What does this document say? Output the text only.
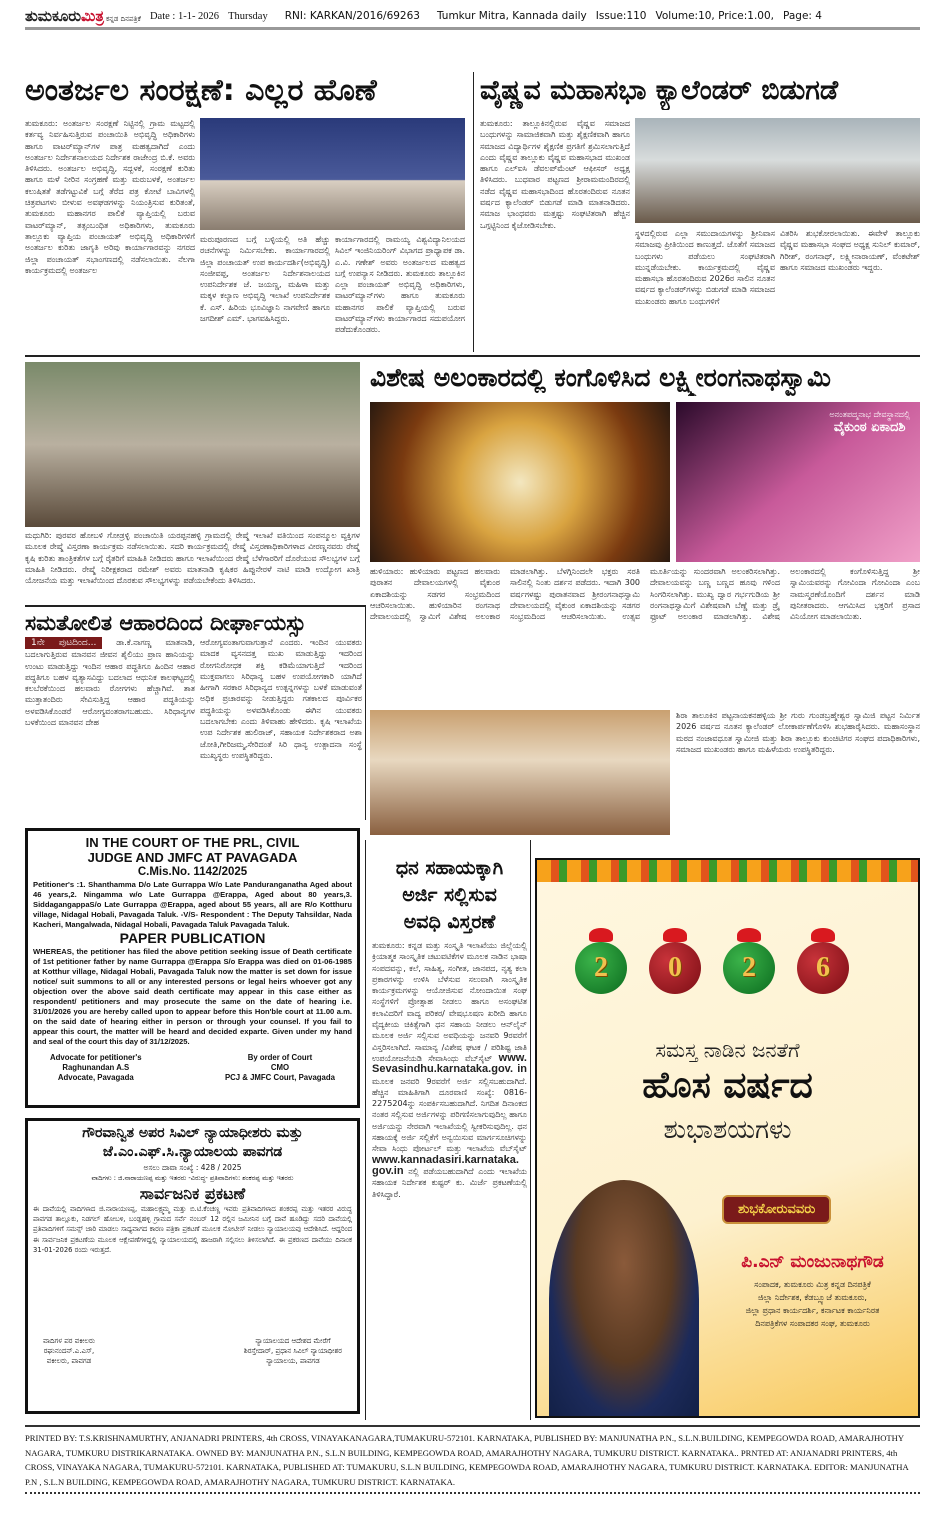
ತುಮಕೂರುಮಿತ್ರ ಕನ್ನಡ ದಿನಪತ್ರಿಕೆ Date : 1-1- 2026 Thursday RNI: KARKAN/2016/69263 Tumkur Mitra, Kannada daily Issue:110 Volume:10, Price:1.00, Page: 4
ಅಂತರ್ಜಲ ಸಂರಕ್ಷಣೆ: ಎಲ್ಲರ ಹೊಣೆ
ತುಮಕೂರು: ಅಂತರ್ಜಲ ಸಂರಕ್ಷಣೆ ನಿಟ್ಟಿನಲ್ಲಿ ಗ್ರಾಮ ಮಟ್ಟದಲ್ಲಿ ಕರ್ತವ್ಯ ನಿರ್ವಹಿಸುತ್ತಿರುವ ಪಂಚಾಯಿತಿ ಅಭಿವೃದ್ಧಿ ಅಧಿಕಾರಿಗಳು ಹಾಗೂ ವಾಟರ್‌ಮ್ಯಾನ್‌ಗಳ ಪಾತ್ರ ಮಹತ್ವದಾಗಿದೆ ಎಂದು ಅಂತರ್ಜಲ ನಿರ್ದೇಶನಾಲಯದ ನಿರ್ದೇಶಕ ರಾಜೇಂದ್ರ ಬಿ.ಕೆ. ಅವರು ತಿಳಿಸಿದರು. ಅಂತರ್ಜಲ ಅಭಿವೃದ್ಧಿ, ಸದ್ಬಳಕೆ, ಸಂರಕ್ಷಣೆ ಕುರಿತು ಹಾಗೂ ಮಳೆ ನೀರಿನ ಸಂಗ್ರಹಣೆ ಮತ್ತು ಮರುಬಳಕೆ, ಅಂತರ್ಜಲ ಕಲುಷಿತತೆ ತಡೆಗಟ್ಟುವಿಕೆ ಬಗ್ಗೆ ತೆರೆದ ಪತ್ರ ಕೋಟೆ ಬಾವಿಗಳಲ್ಲಿ ಚಿತ್ರಪಟಗಳು ಬೀಳುವ ಅವಘಡಗಳನ್ನು ನಿಯಂತ್ರಿಸುವ ಕುರಿತಂತೆ, ತುಮಕೂರು ಮಹಾನಗರ ಪಾಲಿಕೆ ವ್ಯಾಪ್ತಿಯಲ್ಲಿ ಬರುವ ವಾಟರ್‌ಮ್ಯಾನ್, ತತ್ಸಂಬಂಧಿತ ಅಧಿಕಾರಿಗಳು, ತುಮಕೂರು ತಾಲ್ಲೂಕು ವ್ಯಾಪ್ತಿಯ ಪಂಚಾಯತ್ ಅಭಿವೃದ್ಧಿ ಅಧಿಕಾರಿಗಳಿಗೆ ಅಂತರ್ಜಲ ಕುರಿತು ಜಾಗೃತಿ ಅರಿವು ಕಾರ್ಯಾಗಾರವನ್ನು ನಗರದ ಜಿಲ್ಲಾ ಪಂಚಾಯತ್ ಸಭಾಂಗಣದಲ್ಲಿ ನಡೆಸಲಾಯಿತು. ನೆಲಗಾ ಕಾರ್ಯಕ್ರಮದಲ್ಲಿ ಅಂತರ್ಜಲ
ಮರುಪೂರಣದ ಬಗ್ಗೆ ಬಳ್ಳಿಯಲ್ಲಿ ಅತಿ ಹೆಚ್ಚು ರಚನೆಗಳನ್ನು ನಿರ್ಮಿಸಬೇಕು. ಕಾರ್ಯಾಗಾರದಲ್ಲಿ ಜಿಲ್ಲಾ ಪಂಚಾಯತ್ ಉಪ ಕಾರ್ಯದರ್ಶಿ(ಅಭಿವೃದ್ಧಿ) ಸಂಜೀವಪ್ಪ, ಅಂತರ್ಜಲ ನಿರ್ದೇಶನಾಲಯದ ಉಪನಿರ್ದೇಶಕ ಜೆ. ಜಯಣ್ಣ, ಮಹಿಳಾ ಮತ್ತು ಮಕ್ಕಳ ಕಲ್ಯಾಣ ಅಭಿವೃದ್ಧಿ ಇಲಾಖೆ ಉಪನಿರ್ದೇಶಕ ಕೆ. ಎಸ್. ಹಿರಿಯ ಭೂವಿಜ್ಞಾನಿ ನಾಗವೇಣಿ ಹಾಗೂ ಜಗದೀಶ್ ಎಮ್. ಭಾಗವಹಿಸಿದ್ದರು.
ಕಾರ್ಯಾಗಾರದಲ್ಲಿ ರಾಮಯ್ಯ ವಿಶ್ವವಿದ್ಯಾನಿಲಯದ ಸಿವಿಲ್ ಇಂಜಿನಿಯರಿಂಗ್ ವಿಭಾಗದ ಪ್ರಾಧ್ಯಾಪಕ ಡಾ. ಎ.ವಿ. ಗಣೇಶ್ ಅವರು ಅಂತರ್ಜಲದ ಮಹತ್ವದ ಬಗ್ಗೆ ಉಪನ್ಯಾಸ ನೀಡಿದರು. ತುಮಕೂರು ತಾಲ್ಲೂಕಿನ ಎಲ್ಲಾ ಪಂಚಾಯತ್ ಅಭಿವೃದ್ಧಿ ಅಧಿಕಾರಿಗಳು, ವಾಟರ್‌ಮ್ಯಾನ್‌ಗಳು ಹಾಗೂ ತುಮಕೂರು ಮಹಾನಗರ ಪಾಲಿಕೆ ವ್ಯಾಪ್ತಿಯಲ್ಲಿ ಬರುವ ವಾಟರ್‌ಮ್ಯಾನ್‌ಗಳು ಕಾರ್ಯಾಗಾರದ ಸದುಪಯೋಗ ಪಡೆದುಕೊಂಡರು.
ವೈಷ್ಣವ ಮಹಾಸಭಾ ಕ್ಯಾಲೆಂಡರ್ ಬಿಡುಗಡೆ
ತುಮಕೂರು: ತಾಲ್ಲೂಕಿನಲ್ಲಿರುವ ವೈಷ್ಣವ ಸಮಾಜದ ಬಂಧುಗಳನ್ನು ಸಾಮಾಜಿಕವಾಗಿ ಮತ್ತು ಶೈಕ್ಷಣಿಕವಾಗಿ ಹಾಗೂ ಸಮಾಜದ ವಿದ್ಯಾರ್ಥಿಗಳ ಶೈಕ್ಷಣಿಕ ಪ್ರಗತಿಗೆ ಶ್ರಮಿಸಲಾಗುತ್ತಿದೆ ಎಂದು ವೈಷ್ಣವ ತಾಲ್ಲೂಕು ವೈಷ್ಣವ ಮಹಾಸಭಾದ ಮುಖಂಡ ಹಾಗೂ ಎಲ್‌ಐಸಿ ಡೆವಲಪ್‌ಮೆಂಟ್ ಆಫೀಸರ್ ಅಧ್ಯಕ್ಷ ತಿಳಿಸಿದರು. ಬುಧವಾರ ಪಟ್ಟಣದ ಶ್ರೀರಾಮಮಂದಿರದಲ್ಲಿ ನಡೆದ ವೈಷ್ಣವ ಮಹಾಸಭಾದಿಂದ ಹೊರತಂದಿರುವ ನೂತನ ವರ್ಷದ ಕ್ಯಾಲೆಂಡರ್ ಬಿಡುಗಡೆ ಮಾಡಿ ಮಾತನಾಡಿದರು. ಸಮಾಜ ಭಾಂಧವರು ಮತ್ತಷ್ಟು ಸಂಘಟಿತರಾಗಿ ಹೆಚ್ಚಿನ ಒಗ್ಗಟ್ಟಿನಿಂದ ಕೈಜೋಡಿಸಬೇಕು.
ಸ್ಥಳದಲ್ಲಿರುವ ಎಲ್ಲಾ ಸಮುದಾಯಗಳನ್ನು ಶ್ರೀನಿವಾಸ ಸಮಾಜವು ಪ್ರೀತಿಯಿಂದ ಕಾಣುತ್ತದೆ. ಜೊತೆಗೆ ಸಮಾಜದ ಬಂಧುಗಳು ಪಡೆಯಲು ಸಂಘಟಿತರಾಗಿ ಮುನ್ನಡೆಯಬೇಕು. ಕಾರ್ಯಕ್ರಮದಲ್ಲಿ ವೈಷ್ಣವ ಮಹಾಸಭಾ ಹೊರತಂದಿರುವ 2026ರ ಸಾಲಿನ ನೂತನ ವರ್ಷದ ಕ್ಯಾಲೆಂಡರ್‌ಗಳನ್ನು ಬಿಡುಗಡೆ ಮಾಡಿ ಸಮಾಜದ ಮುಖಂಡರು ಹಾಗೂ ಬಂಧುಗಳಿಗೆ
ವಿತರಿಸಿ ಶುಭಕೋರಲಾಯಿತು. ಈವೇಳೆ ತಾಲ್ಲೂಕು ವೈಷ್ಣವ ಮಹಾಸಭಾ ಸಂಘದ ಅಧ್ಯಕ್ಷ ಸುನಿಲ್ ಕುಮಾರ್, ಗಿರೀಶ್, ರಂಗನಾಥ್, ಲಕ್ಷ್ಮೀನಾರಾಯಣ್, ವೆಂಕಟೇಶ್ ಹಾಗೂ ಸಮಾಜದ ಮುಖಂಡರು ಇದ್ದರು.
ಮಧುಗಿರಿ: ಪುರವರ ಹೋಬಳಿ ಗೋಡ್ರಳ್ಳಿ ಪಂಚಾಯಿತಿ ಯರಪ್ಪನಹಳ್ಳಿ ಗ್ರಾಮದಲ್ಲಿ ರೇಷ್ಮೆ ಇಲಾಖೆ ವತಿಯಿಂದ ಸಂಪನ್ಮೂಲ ವ್ಯಕ್ತಿಗಳ ಮೂಲಕ ರೇಷ್ಮೆ ವಿಸ್ತರಣಾ ಕಾರ್ಯಕ್ರಮ ನಡೆಸಲಾಯಿತು. ಸದರಿ ಕಾರ್ಯಕ್ರಮದಲ್ಲಿ ರೇಷ್ಮೆ ವಿಸ್ತರಣಾಧಿಕಾರಿಗಳಾದ ವೀರಣ್ಣನವರು ರೇಷ್ಮೆ ಕೃಷಿ ಕುರಿತು ತಾಂತ್ರಿಕತೆಗಳ ಬಗ್ಗೆ ರೈತರಿಗೆ ಮಾಹಿತಿ ನೀಡಿದರು ಹಾಗೂ ಇಲಾಖೆಯಿಂದ ರೇಷ್ಮೆ ಬೆಳೆಗಾರರಿಗೆ ದೊರೆಯುವ ಸೌಲಭ್ಯಗಳ ಬಗ್ಗೆ ಮಾಹಿತಿ ನೀಡಿದರು. ರೇಷ್ಮೆ ನಿರೀಕ್ಷಕರಾದ ರಮೇಶ್ ಅವರು ಮಾತನಾಡಿ ಕೃಷಿಕರ ಹಿಪ್ಪುನೇರಳೆ ನಾಟಿ ಮಾಡಿ ಉದ್ಯೋಗ ಖಾತ್ರಿ ಯೋಜನೆಯ ಮತ್ತು ಇಲಾಖೆಯಿಂದ ದೊರಕುವ ಸೌಲಭ್ಯಗಳನ್ನು ಪಡೆಯಬೇಕೆಂದು ತಿಳಿಸಿದರು.
ವಿಶೇಷ ಅಲಂಕಾರದಲ್ಲಿ ಕಂಗೊಳಿಸಿದ ಲಕ್ಷ್ಮೀರಂಗನಾಥಸ್ವಾಮಿ
ಅನಂತಪದ್ಮನಾಭ ದೇವಸ್ಥಾನದಲ್ಲಿ
ವೈಕುಂಠ ಏಕಾದಶಿ
ಹುಳಿಯಾರು: ಹುಳಿಯಾರು ಪಟ್ಟಣದ ಹಲವಾರು ಪುರಾತನ ದೇವಾಲಯಗಳಲ್ಲಿ ವೈಕುಂಠ ಏಕಾದಶಿಯನ್ನು ಸಡಗರ ಸಂಭ್ರಮದಿಂದ ಆಚರಿಸಲಾಯಿತು. ಹುಳಿಯಾರಿನ ರಂಗನಾಥ ದೇವಾಲಯದಲ್ಲಿ ಸ್ವಾಮಿಗೆ ವಿಶೇಷ ಅಲಂಕಾರ ಮಾಡಲಾಗಿತ್ತು. ಬೆಳಗ್ಗಿನಿಂದಲೇ ಭಕ್ತರು ಸರತಿ ಸಾಲಿನಲ್ಲಿ ನಿಂತು ದರ್ಶನ ಪಡೆದರು. ಇದಾಗಿ 300 ವರ್ಷಗಳಷ್ಟು ಪುರಾತನವಾದ ಶ್ರೀರಂಗನಾಥಸ್ವಾಮಿ ದೇವಾಲಯದಲ್ಲಿ ವೈಕುಂಠ ಏಕಾದಶಿಯನ್ನು ಸಡಗರ ಸಂಭ್ರಮದಿಂದ ಆಚರಿಸಲಾಯಿತು. ಉತ್ಸವ ಮೂರ್ತಿಯನ್ನು ಸುಂದರವಾಗಿ ಅಲಂಕರಿಸಲಾಗಿತ್ತು. ದೇವಾಲಯವನ್ನು ಬಣ್ಣ ಬಣ್ಣದ ಹೂವು ಗಳಿಂದ ಸಿಂಗರಿಸಲಾಗಿತ್ತು. ಮುಖ್ಯ ದ್ವಾರ ಗರ್ಭಗುಡಿಯ ಶ್ರೀ ರಂಗನಾಥಸ್ವಾಮಿಗೆ ವಿಶೇಷವಾಗಿ ಬೆಣ್ಣೆ ಮತ್ತು ಡ್ರೈ ಫ್ರೂಟ್ ಅಲಂಕಾರ ಮಾಡಲಾಗಿತ್ತು. ವಿಶೇಷ ಅಲಂಕಾರದಲ್ಲಿ ಕಂಗೊಳಿಸುತ್ತಿದ್ದ ಶ್ರೀ ಸ್ವಾಮಿಯವರನ್ನು ಗೋವಿಂದಾ ಗೋವಿಂದಾ ಎಂಬ ನಾಮಸ್ಮರಣೆಯೊಂದಿಗೆ ದರ್ಶನ ಮಾಡಿ ಪುನೀತರಾದರು. ಆಗಮಿಸಿದ ಭಕ್ತರಿಗೆ ಪ್ರಸಾದ ವಿನಿಯೋಗ ಮಾಡಲಾಯಿತು.
ಸಮತೋಲಿತ ಆಹಾರದಿಂದ ದೀರ್ಘಾಯಸ್ಸು
1ನೇ ಪುಟದಿಂದ... ಡಾ.ಕೆ.ನಾಗಣ್ಣ ಮಾತನಾಡಿ, ಬದಲಾಗುತ್ತಿರುವ ಮಾನವನ ಜೀವನ ಶೈಲಿಯು ಪ್ರಾಣ ಹಾನಿಯನ್ನು ಉಂಟು ಮಾಡುತ್ತಿದ್ದು ಇಂದಿನ ಆಹಾರ ಪದ್ಧತಿಗೂ ಹಿಂದಿನ ಆಹಾರ ಪದ್ಧತಿಗೂ ಬಹಳ ವ್ಯತ್ಯಾಸವಿದ್ದು ಬದಲಾದ ಆಧುನಿಕ ಕಾಲಘಟ್ಟದಲ್ಲಿ ಕಲಬೆರಕೆಯಿಂದ ಹಲವಾರು ರೋಗಗಳು ಹೆಚ್ಚಾಗಿವೆ. ತಾತ ಮುತ್ತಾತಂದಿರು ಸೇವಿಸುತ್ತಿದ್ದ ಆಹಾರ ಪದ್ಧತಿಯನ್ನು ಅಳವಡಿಸಿಕೊಂಡರೆ ಆರೋಗ್ಯವಂತರಾಗಬಹುದು. ಸಿರಿಧಾನ್ಯಗಳ ಬಳಕೆಯಿಂದ ಮಾನವನ ದೇಹ
ಆರೋಗ್ಯವಂತಾಗುವಾಗುತ್ತಾನೆ ಎಂದರು. ಇಂದಿನ ಯುವಕರು ಮಾದಕ ವ್ಯಸನದತ್ತ ಮುಖ ಮಾಡುತ್ತಿದ್ದು ಇದರಿಂದ ರೋಗನಿರೋಧಕ ಶಕ್ತಿ ಕಡಿಮೆಯಾಗುತ್ತಿದೆ ಇದರಿಂದ ಮುಕ್ತವಾಗಲು ಸಿರಿಧಾನ್ಯ ಬಹಳ ಉಪಯೋಗಕಾರಿ ಯಾಗಿದೆ ಹೀಗಾಗಿ ಸರಕಾರ ಸಿರಿಧಾನ್ಯದ ಉತ್ಪನ್ನಗಳನ್ನು ಬಳಕೆ ಮಾಡುವಂತೆ ಅಧಿಕ ಪ್ರಚಾರವನ್ನು ನೀಡುತ್ತಿದ್ದರು ಗತಕಾಲದ ಪೂರ್ವಿಕರ ಪದ್ಧತಿಯನ್ನು ಅಳವಡಿಸಿಕೊಂಡು ಈಗಿನ ಯುವಕರು ಬದಲಾಗಬೇಕು ಎಂದು ತಿಳಿವಾಹು ಹೇಳಿದರು. ಕೃಷಿ ಇಲಾಖೆಯ ಉಪ ನಿರ್ದೇಶಕ ಹುಲಿರಾಜ್, ಸಹಾಯಕ ನಿರ್ದೇಶಕರಾದ ಅಶಾ ಜೋತಿ,ಗೀರಿಜಮ್ಮ,ಸೇರಿದಂತೆ ಸಿರಿ ಧಾನ್ಯ ಉತ್ಪಾದನಾ ಸಂಸ್ಥೆ ಮುಖ್ಯಸ್ಥರು ಉಪಸ್ಥಿತರಿದ್ದರು.
ಶಿರಾ ತಾಲೂಕಿನ ಪಟ್ಟನಾಯಕನಹಳ್ಳಿಯ ಶ್ರೀ ಗುರು ಗುಂಡಬ್ರಹ್ಮೇಶ್ವರ ಸ್ವಾಮಿಜಿ ಪಟ್ಟನ ನಿರ್ಮಿತ 2026 ವರ್ಷದ ನೂತನ ಕ್ಯಾಲೆಂಡರ್ ಲೋಕಾರ್ಪಣೆಗೊಳಿಸಿ ಶುಭಹಾರೈಸಿದರು. ಮಹಾಸಂಸ್ಥಾನ ಮಠದ ನಂಜಾವಧೂತ ಸ್ವಾಮೀಜಿ ಮತ್ತು ಶಿರಾ ತಾಲ್ಲೂಕು ಕುಂಚಿಟಿಗರ ಸಂಘದ ಪದಾಧಿಕಾರಿಗಳು, ಸಮಾಜದ ಮುಖಂಡರು ಹಾಗೂ ಮಹಿಳೆಯರು ಉಪಸ್ಥಿತರಿದ್ದರು.
IN THE COURT OF THE PRL, CIVIL
JUDGE AND JMFC AT PAVAGADA
C.Mis.No. 1142/2025
Petitioner's :1. Shanthamma D/o Late Gurrappa W/o Late Panduranganatha Aged about 46 years,2. Ningamma w/o Late Gurrappa @Erappa, Aged about 80 years,3. SiddagangappaS/o Late Gurrappa @Erappa, aged about 55 years, all are R/o Kotthuru village, Nidagal Hobali, Pavagada Taluk. -V/S- Respondent : The Deputy Tahsildar, Nada Kacheri, Mangalwada, Nidagal Hobali, Pavagada Taluk Pavagada Taluk.
PAPER PUBLICATION
WHEREAS, the petitioner has filed the above petition seeking issue of Death certificate of 1st petitioner father by name Gurrappa @Erappa S/o Erappa was died on 01-06-1985 at Kotthur village, Nidagal Hobali, Pavagada Taluk now the matter is set down for issue notice/ suit summons to all or any interested persons or legal heirs whoever got any objection over the above said death certificate may appear in this case either as respondent/ petitioners and may prosecute the same on the date of hearing i.e. 31/01/2026 you are hereby called upon to appear before this Hon'ble court at 11.00 a.m. on the said date of hearing either in person or through your counsel. If you fail to appear this court, the matter will be heard and decided exparte. Given under my hand and seal of the court this day of 31/12/2025.
Advocate for petitioner's
Raghunandan A.S
Advocate, Pavagada
By order of Court
CMO
PCJ & JMFC Court, Pavagada
ಗೌರವಾನ್ವಿತ ಅಪರ ಸಿವಿಲ್ ನ್ಯಾಯಾಧೀಶರು ಮತ್ತು
ಜೆ.ಎಂ.ಎಫ್.ಸಿ.ನ್ಯಾಯಾಲಯ ಪಾವಗಡ
ಅಸಲು ದಾವಾ ಸಂಖ್ಯೆ : 428 / 2025
ವಾದಿಗಳು : ಜಿ.ನಾರಾಯಣಪ್ಪ ಮತ್ತು ಇತರರು -ವಿರುದ್ಧ- ಪ್ರತಿವಾದಿಗಳು: ಶಂಕರಪ್ಪ ಮತ್ತು ಇತರರು
ಸಾರ್ವಜನಿಕ ಪ್ರಕಟಣೆ
ಈ ದಾವೆಯಲ್ಲಿ ವಾದಿಗಳಾದ ಜಿ.ನಾರಾಯಣಪ್ಪ, ಮಹಾಲಕ್ಷ್ಮಮ್ಮ ಮತ್ತು ಬಿ.ಟಿ.ಕೆಂಚಣ್ಣ ಇವರು ಪ್ರತಿವಾದಿಗಳಾದ ಶಂಕರಪ್ಪ ಮತ್ತು ಇತರರ ವಿರುದ್ಧ ಪಾವಗಡ ತಾಲ್ಲೂಕು, ನಿಡಗಲ್ ಹೋಬಳಿ, ಬಂಡ್ಲಹಳ್ಳಿ ಗ್ರಾಮದ ಸರ್ವೆ ನಂಬರ್ 12 ರಲ್ಲಿನ ಜಮೀನಿನ ಬಗ್ಗೆ ದಾವೆ ಹೂಡಿದ್ದು ಸದರಿ ದಾವೆಯಲ್ಲಿ ಪ್ರತಿವಾದಿಗಳಿಗೆ ಸಮನ್ಸ್ ಜಾರಿ ಮಾಡಲು ಸಾಧ್ಯವಾಗದ ಕಾರಣ ಪತ್ರಿಕಾ ಪ್ರಕಟಣೆ ಮೂಲಕ ನೋಟೀಸ್ ನೀಡಲು ನ್ಯಾಯಾಲಯವು ಆದೇಶಿಸಿದೆ. ಆದ್ದರಿಂದ ಈ ಸಾರ್ವಜನಿಕ ಪ್ರಕಟಣೆಯ ಮೂಲಕ ಆಕ್ಷೇಪಣೆಗಳಿದ್ದಲ್ಲಿ ನ್ಯಾಯಾಲಯದಲ್ಲಿ ಹಾಜರಾಗಿ ಸಲ್ಲಿಸಲು ತಿಳಿಸಲಾಗಿದೆ. ಈ ಪ್ರಕರಣದ ದಾವೆಯು ದಿನಾಂಕ 31-01-2026 ರಂದು ಇರುತ್ತದೆ.
ವಾದಿಗಳ ಪರ ವಕೀಲರು
ರಘುನಂದನ್.ಎ.ಎಸ್,
ವಕೀಲರು, ಪಾವಗಡ
ನ್ಯಾಯಾಲಯದ ಆದೇಶದ ಮೇರೆಗೆ
ಶಿರಸ್ತೇದಾರ್, ಪ್ರಧಾನ ಸಿವಿಲ್ ನ್ಯಾಯಾಧೀಶರ
ನ್ಯಾಯಾಲಯ, ಪಾವಗಡ
ಧನ ಸಹಾಯಕ್ಕಾಗಿ
ಅರ್ಜಿ ಸಲ್ಲಿಸುವ
ಅವಧಿ ವಿಸ್ತರಣೆ
ತುಮಕೂರು: ಕನ್ನಡ ಮತ್ತು ಸಂಸ್ಕೃತಿ ಇಲಾಖೆಯು ಜಿಲ್ಲೆಯಲ್ಲಿ ಕ್ರಿಯಾತ್ಮಕ ಸಾಂಸ್ಕೃತಿಕ ಚಟುವಟಿಕೆಗಳ ಮೂಲಕ ನಾಡಿನ ಭಾಷಾ ಸಂಪದವನ್ನು, ಕಲೆ, ಸಾಹಿತ್ಯ, ಸಂಗೀತ, ಜಾನಪದ, ನೃತ್ಯ ಕಲಾ ಪ್ರಕಾರಗಳನ್ನು ಉಳಿಸಿ ಬೆಳೆಸುವ ಸಲುವಾಗಿ ಸಾಂಸ್ಕೃತಿಕ ಕಾರ್ಯಕ್ರಮಗಳನ್ನು ಆಯೋಜಿಸುವ ನೋಂದಾಯಿತ ಸಂಘ ಸಂಸ್ಥೆಗಳಿಗೆ ಪ್ರೋತ್ಸಾಹ ನೀಡಲು ಹಾಗೂ ಅಸಂಘಟಿತ ಕಲಾವಿದರಿಗೆ ವಾದ್ಯ ಪರಿಕರ/ ವೇಷಭೂಷಣ ಖರೀದಿ ಹಾಗೂ ವೈದ್ಯಕೀಯ ಚಿಕಿತ್ಸೆಗಾಗಿ ಧನ ಸಹಾಯ ನೀಡಲು ಆನ್‌ಲೈನ್ ಮೂಲಕ ಅರ್ಜಿ ಸಲ್ಲಿಸುವ ಅವಧಿಯನ್ನು ಜನವರಿ 9ರವರೆಗೆ ವಿಸ್ತರಿಸಲಾಗಿದೆ. ಸಾಮಾನ್ಯ /ವಿಶೇಷ ಘಟಕ / ಪರಿಶಿಷ್ಟ ಜಾತಿ ಉಪಯೋಜನೆಯಡಿ ಸೇವಾಸಿಂಧು ವೆಬ್‌ಸೈಟ್ www. Sevasindhu.karnataka.gov. in ಮೂಲಕ ಜನವರಿ 9ರವರೆಗೆ ಅರ್ಜಿ ಸಲ್ಲಿಸಬಹುದಾಗಿದೆ. ಹೆಚ್ಚಿನ ಮಾಹಿತಿಗಾಗಿ ದೂರವಾಣಿ ಸಂಖ್ಯೆ: 0816-2275204ನ್ನು ಸಂಪರ್ಕಿಸಬಹುದಾಗಿದೆ. ನಿಗದಿತ ದಿನಾಂಕದ ನಂತರ ಸಲ್ಲಿಸುವ ಅರ್ಜಿಗಳನ್ನು ಪರಿಗಣಿಸಲಾಗುವುದಿಲ್ಲ ಹಾಗೂ ಅರ್ಜಿಯನ್ನು ನೇರವಾಗಿ ಇಲಾಖೆಯಲ್ಲಿ ಸ್ವೀಕರಿಸುವುದಿಲ್ಲ. ಧನ ಸಹಾಯಕ್ಕೆ ಅರ್ಜಿ ಸಲ್ಲಿಕೆಗೆ ಅನ್ವಯಿಸುವ ಮಾರ್ಗಸೂಚಿಗಳನ್ನು ಸೇವಾ ಸಿಂಧು ಪೋರ್ಟಲ್ ಮತ್ತು ಇಲಾಖೆಯ ವೆಬ್‌ಸೈಟ್ www.kannadasiri.karnataka. gov.in ನಲ್ಲಿ ಪಡೆಯಬಹುದಾಗಿದೆ ಎಂದು ಇಲಾಖೆಯ ಸಹಾಯಕ ನಿರ್ದೇಶಕ ಕುಷ್ಟರ್ ಕು. ಮಿರ್ಜೆ ಪ್ರಕಟಣೆಯಲ್ಲಿ ತಿಳಿಸಿದ್ದಾರೆ.
2	0	2	6
ಸಮಸ್ತ ನಾಡಿನ ಜನತೆಗೆ
ಹೊಸ ವರ್ಷದ
ಶುಭಾಶಯಗಳು
ಶುಭಕೋರುವವರು
ಪಿ.ಎನ್ ಮಂಜುನಾಥಗೌಡ
ಸಂಪಾದಕ, ತುಮಕೂರು ಮಿತ್ರ ಕನ್ನಡ ದಿನಪತ್ರಿಕೆ
ಜಿಲ್ಲಾ ನಿರ್ದೇಶಕ, ಕೆಡಬ್ಲ್ಯೂಜೆ ತುಮಕೂರು,
ಜಿಲ್ಲಾ ಪ್ರಧಾನ ಕಾರ್ಯದರ್ಶಿ, ಕರ್ನಾಟಕ ಕಾರ್ಯನಿರತ
ದಿನಪತ್ರಿಕೆಗಳ ಸಂಪಾದಕರ ಸಂಘ, ತುಮಕೂರು
PRINTED BY: T.S.KRISHNAMURTHY, ANJANADRI PRINTERS, 4th CROSS, VINAYAKANAGARA,TUMAKURU-572101. KARNATAKA, PUBLISHED BY: MANJUNATHA P.N., S.L.N.BUILDING, KEMPEGOWDA ROAD, AMARAJHOTHY NAGARA, TUMKURU DISTRIKARNATAKA. OWNED BY: MANJUNATHA P.N., S.L.N BUILDING, KEMPEGOWDA ROAD, AMARAJHOTHY NAGARA, TUMKURU DISTRICT. KARNATAKA.. PRNTED AT: ANJANADRI PRINTERS, 4th CROSS, VINAYAKA NAGARA, TUMAKURU-572101. KARNATAKA, PUBLISHED AT: TUMAKURU, S.L.N BUILDING, KEMPEGOWDA ROAD, AMARAJHOTHY NAGARA, TUMKURU DISTRICT. KARNATAKA. EDITOR: MANJUNATHA P.N , S.L.N BUILDING, KEMPEGOWDA ROAD, AMARAJHOTHY NAGARA, TUMKURU DISTRICT. KARNATAKA.
